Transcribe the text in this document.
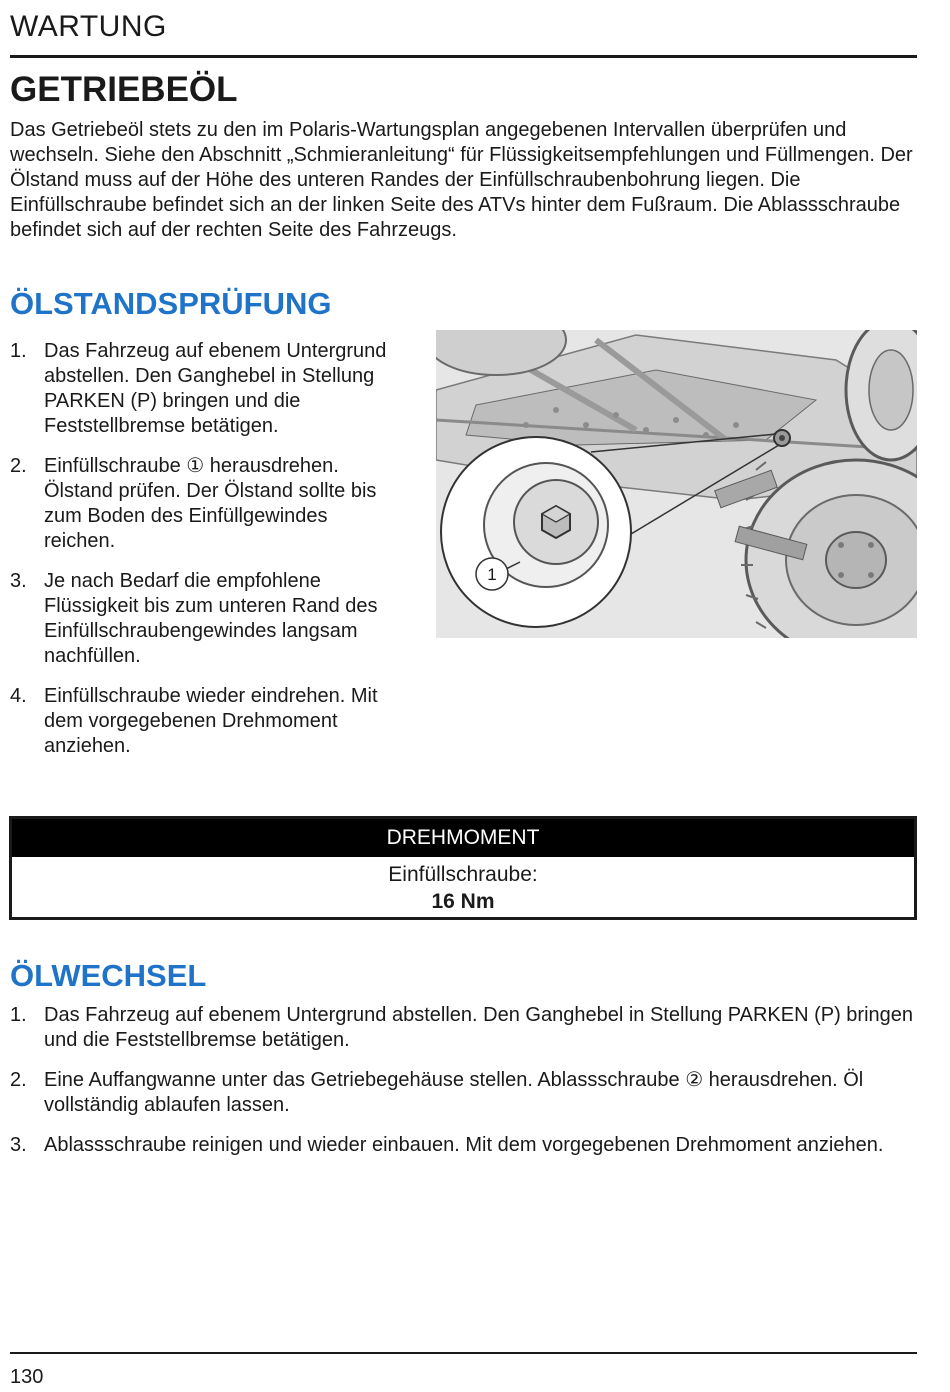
WARTUNG
GETRIEBEÖL

Das Getriebeöl stets zu den im Polaris-Wartungsplan angegebenen Intervallen überprüfen und wechseln. Siehe den Abschnitt „Schmieranleitung“ für Flüssigkeitsempfehlungen und Füllmengen. Der Ölstand muss auf der Höhe des unteren Randes der Einfüllschraubenbohrung liegen. Die Einfüllschraube befindet sich an der linken Seite des ATVs hinter dem Fußraum. Die Ablassschraube befindet sich auf der rechten Seite des Fahrzeugs.

ÖLSTANDSPRÜFUNG
1. Das Fahrzeug auf ebenem Untergrund abstellen. Den Ganghebel in Stellung PARKEN (P) bringen und die Feststellbremse betätigen.
2. Einfüllschraube ① herausdrehen. Ölstand prüfen. Der Ölstand sollte bis zum Boden des Einfüllgewindes reichen.
3. Je nach Bedarf die empfohlene Flüssigkeit bis zum unteren Rand des Einfüllschraubengewindes langsam nachfüllen.
4. Einfüllschraube wieder eindrehen. Mit dem vorgegebenen Drehmoment anziehen.
1
DREHMOMENT
Einfüllschraube:
16 Nm
ÖLWECHSEL
1. Das Fahrzeug auf ebenem Untergrund abstellen. Den Ganghebel in Stellung PARKEN (P) bringen und die Feststellbremse betätigen.
2. Eine Auffangwanne unter das Getriebegehäuse stellen. Ablassschraube ② herausdrehen. Öl vollständig ablaufen lassen.
3. Ablassschraube reinigen und wieder einbauen. Mit dem vorgegebenen Drehmoment anziehen.
130
